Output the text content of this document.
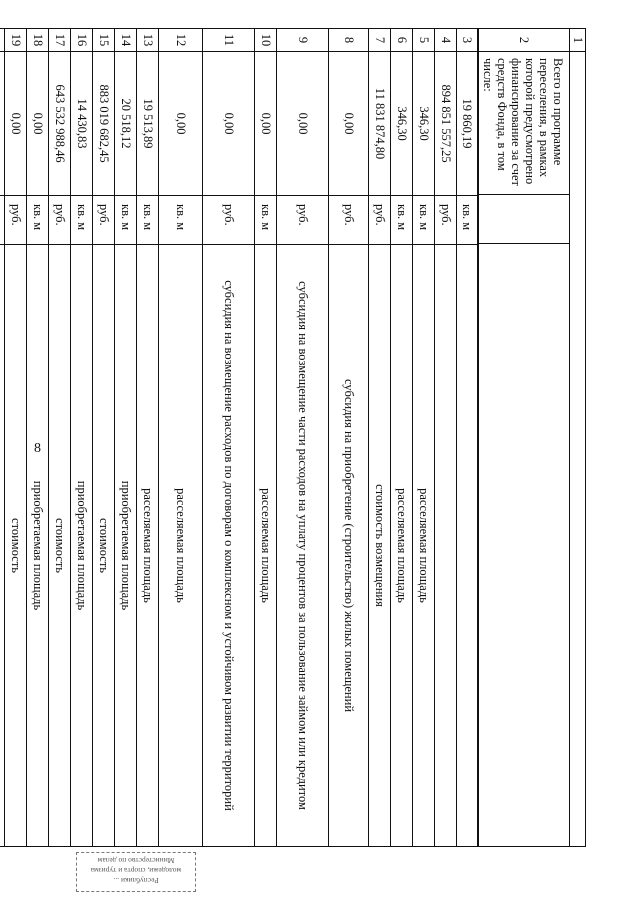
8
Республики ...
молодежи, спорта и туризма
Министерство по делам
1
2
Всего по программе переселения, в рамках которой предусмотрено финансирование за счет средств Фонда, в том числе:
3
19 860,19
кв. м
4
894 851 557,25
руб.
5
346,30
кв. м
расселяемая площадь
6
346,30
кв. м
расселяемая площадь
7
11 831 874,80
руб.
стоимость возмещения
8
0,00
руб.
субсидия на приобретение (строительство) жилых помещений
9
0,00
руб.
субсидия на возмещение части расходов на уплату процентов за пользование займом или кредитом
10
0,00
кв. м
расселяемая площадь
11
0,00
руб.
субсидия на возмещение расходов по договорам о комплексном и устойчивом развитии территорий
12
0,00
кв. м
расселяемая площадь
13
19 513,89
кв. м
расселяемая площадь
14
20 518,12
кв. м
приобретаемая площадь
15
883 019 682,45
руб.
стоимость
16
14 430,83
кв. м
приобретаемая площадь
17
643 532 988,46
руб.
стоимость
18
0,00
кв. м
приобретаемая площадь
19
0,00
руб.
стоимость
